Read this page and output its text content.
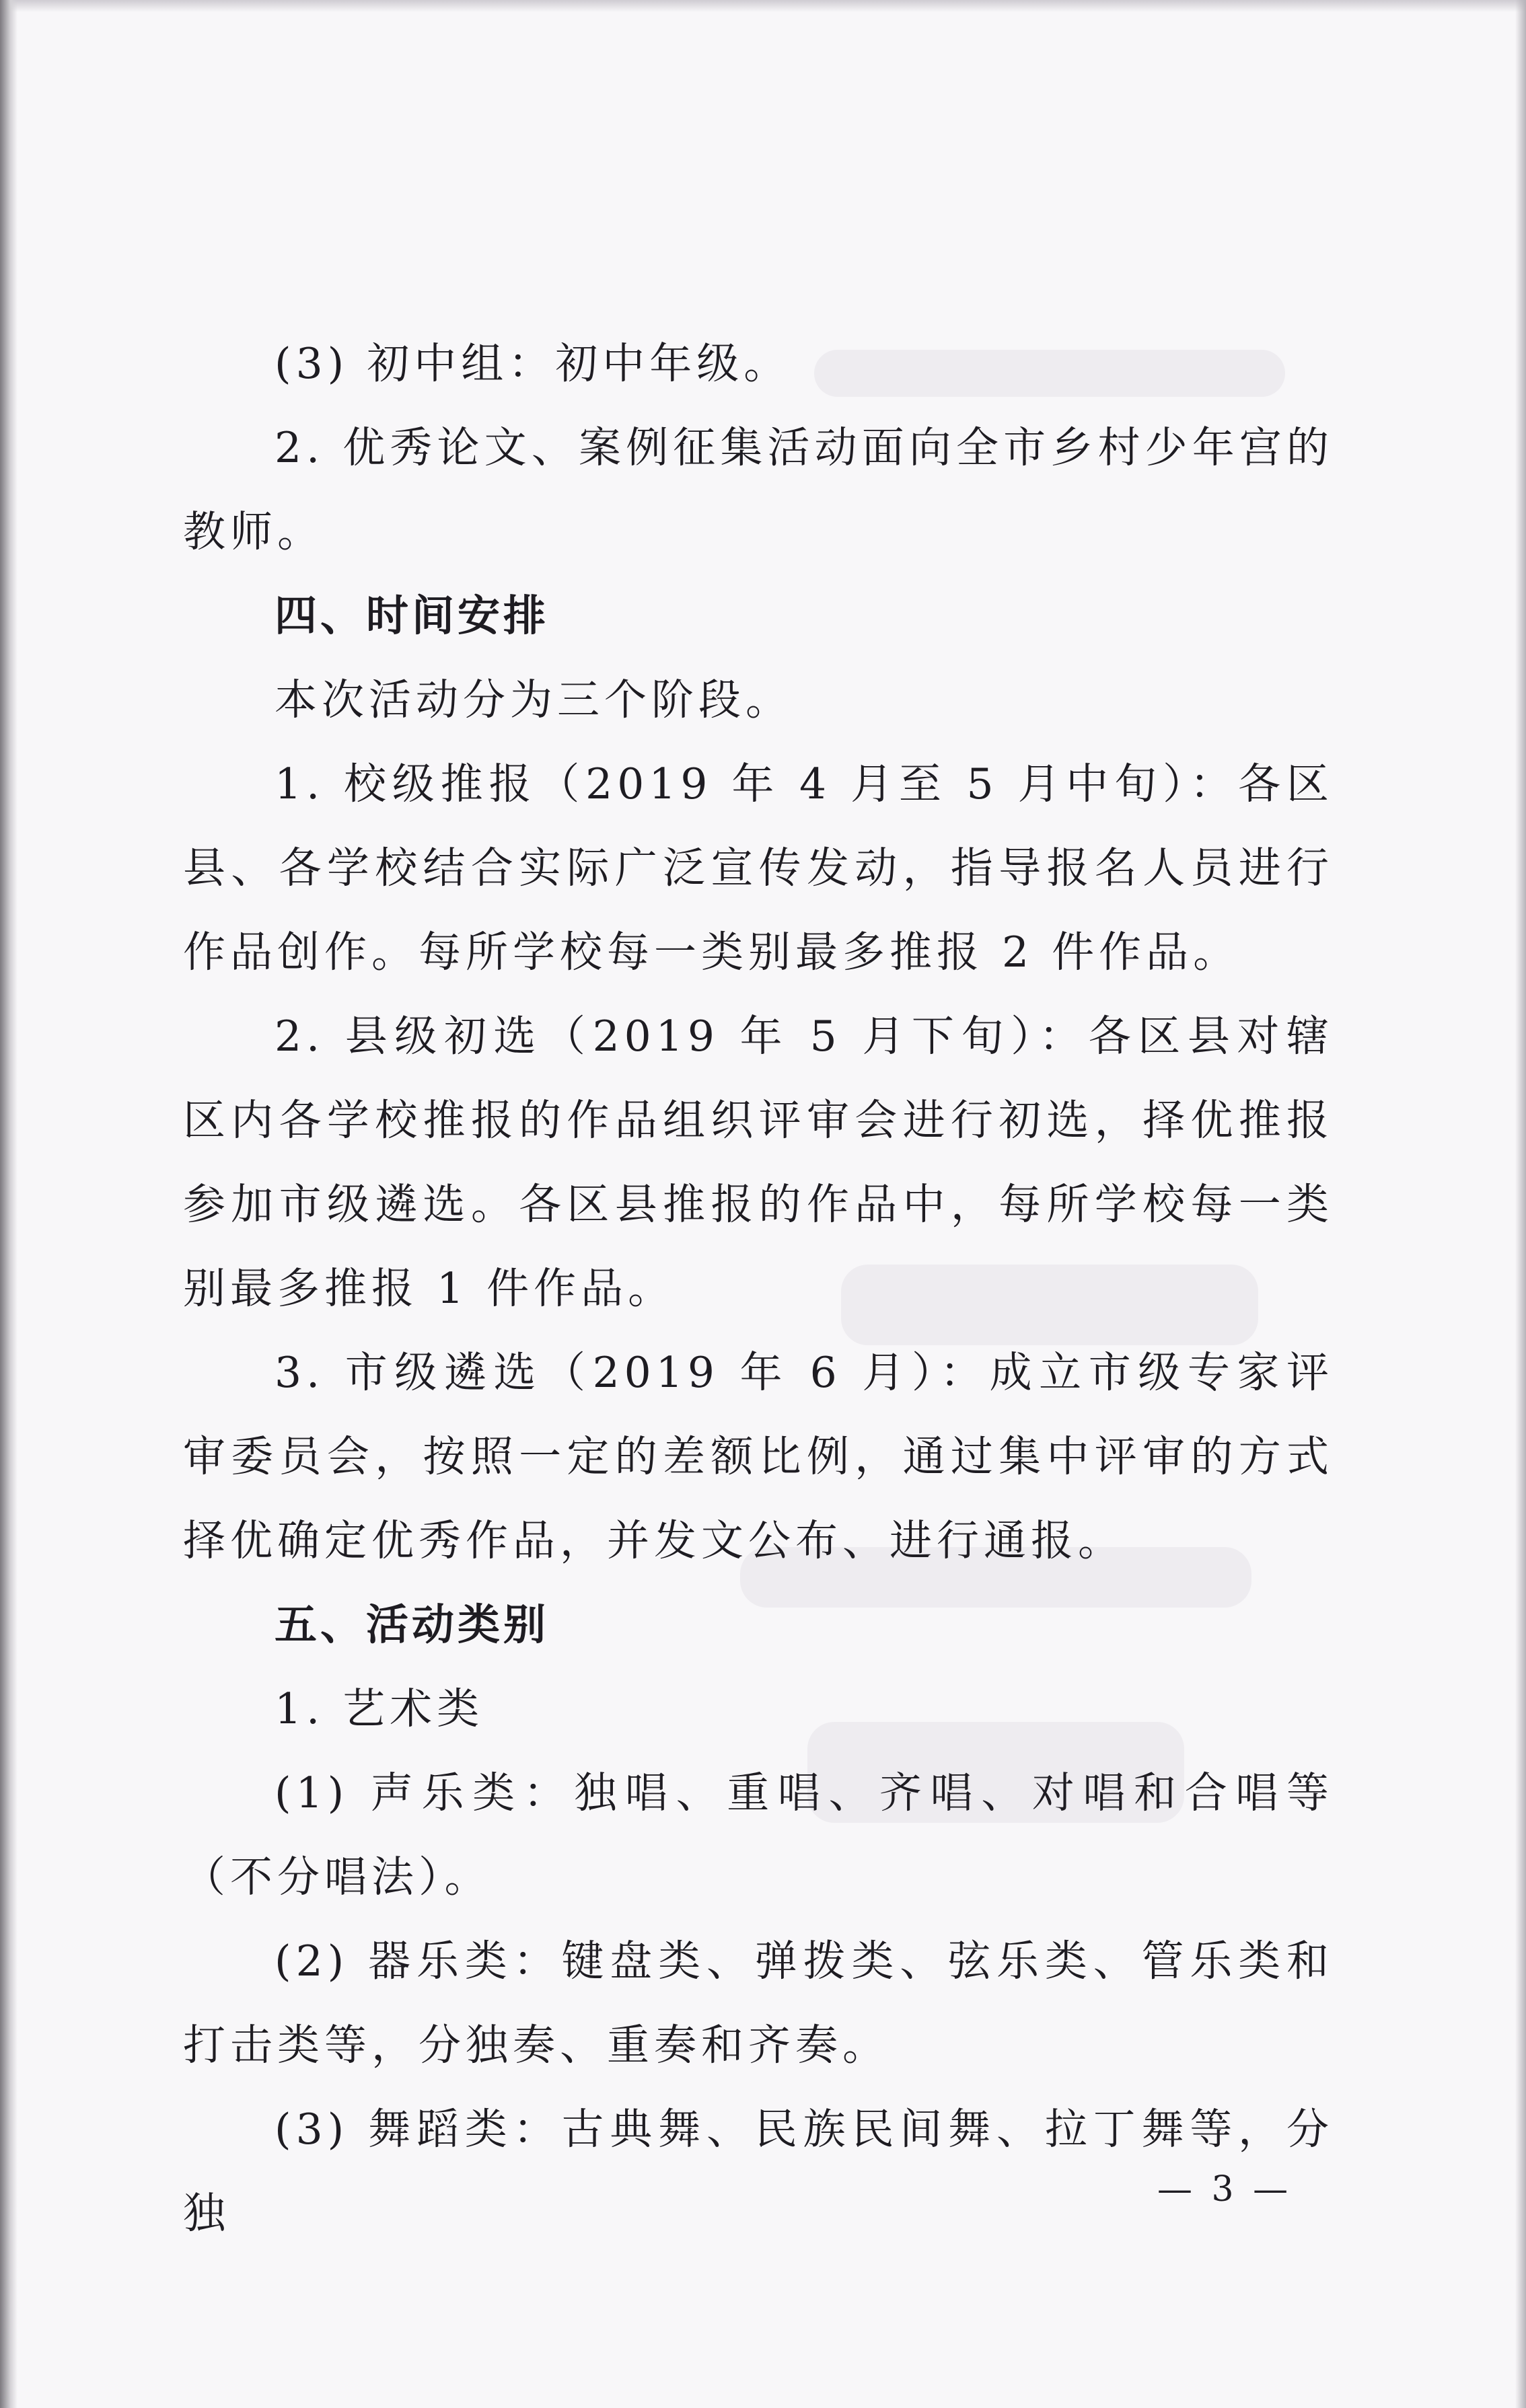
(3) 初中组：初中年级。

2. 优秀论文、案例征集活动面向全市乡村少年宫的教师。

四、时间安排

本次活动分为三个阶段。

1. 校级推报（2019 年 4 月至 5 月中旬）：各区县、各学校结合实际广泛宣传发动，指导报名人员进行作品创作。每所学校每一类别最多推报 2 件作品。

2. 县级初选（2019 年 5 月下旬）：各区县对辖区内各学校推报的作品组织评审会进行初选，择优推报参加市级遴选。各区县推报的作品中，每所学校每一类别最多推报 1 件作品。

3. 市级遴选（2019 年 6 月）：成立市级专家评审委员会，按照一定的差额比例，通过集中评审的方式择优确定优秀作品，并发文公布、进行通报。

五、活动类别

1. 艺术类

(1) 声乐类：独唱、重唱、齐唱、对唱和合唱等（不分唱法）。

(2) 器乐类：键盘类、弹拨类、弦乐类、管乐类和打击类等，分独奏、重奏和齐奏。

(3) 舞蹈类：古典舞、民族民间舞、拉丁舞等，分独	— 3 —
